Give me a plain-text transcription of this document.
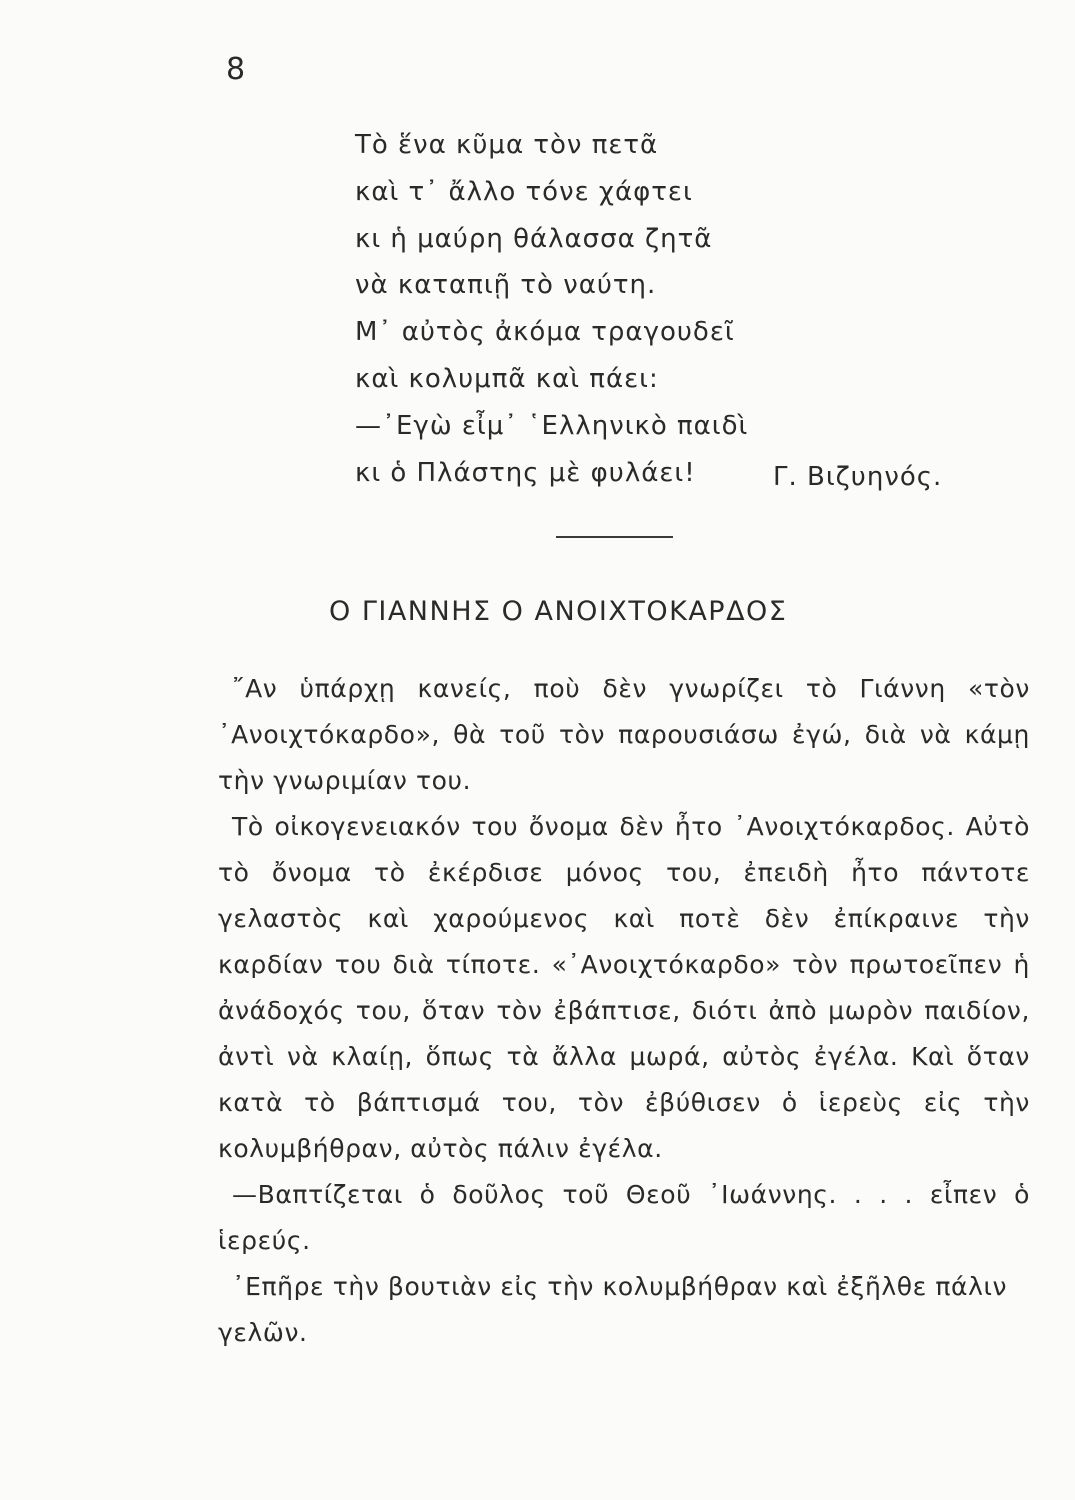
8
Τὸ ἕνα κῦμα τὸν πετᾶ
καὶ τ᾽ ἄλλο τόνε χάφτει
κι ἡ μαύρη θάλασσα ζητᾶ
νὰ καταπιῇ τὸ ναύτη.
Μ᾽ αὐτὸς ἀκόμα τραγουδεῖ
καὶ κολυμπᾶ καὶ πάει:
—᾽Εγὼ εἶμ᾽ ῾Ελληνικὸ παιδὶ
κι ὁ Πλάστης μὲ φυλάει!	Γ. Βιζυηνός.
Ο ΓΙΑΝΝΗΣ Ο ΑΝΟΙΧΤΟΚΑΡΔΟΣ

῎Αν ὑπάρχῃ κανείς, ποὺ δὲν γνωρίζει τὸ Γιάννη «τὸν ᾽Ανοιχτόκαρδο», θὰ τοῦ τὸν παρουσιάσω ἐγώ, διὰ νὰ κάμῃ τὴν γνωριμίαν του.

Τὸ οἰκογενειακόν του ὄνομα δὲν ἦτο ᾽Ανοιχτόκαρδος. Αὐτὸ τὸ ὄνομα τὸ ἐκέρδισε μόνος του, ἐπειδὴ ἦτο πάντοτε γελαστὸς καὶ χαρούμενος καὶ ποτὲ δὲν ἐπίκραινε τὴν καρδίαν του διὰ τίποτε. «᾽Ανοιχτόκαρδο» τὸν πρωτοεῖπεν ἡ ἀνάδοχός του, ὅταν τὸν ἐβάπτισε, διότι ἀπὸ μωρὸν παιδίον, ἀντὶ νὰ κλαίῃ, ὅπως τὰ ἄλλα μωρά, αὐτὸς ἐγέλα. Καὶ ὅταν κατὰ τὸ βάπτισμά του, τὸν ἐβύθισεν ὁ ἱερεὺς εἰς τὴν κολυμβήθραν, αὐτὸς πάλιν ἐγέλα.

—Βαπτίζεται ὁ δοῦλος τοῦ Θεοῦ ᾽Ιωάννης. . . . εἶπεν ὁ ἱερεύς.

᾽Επῆρε τὴν βουτιὰν εἰς τὴν κολυμβήθραν καὶ ἐξῆλθε πάλιν γελῶν.
